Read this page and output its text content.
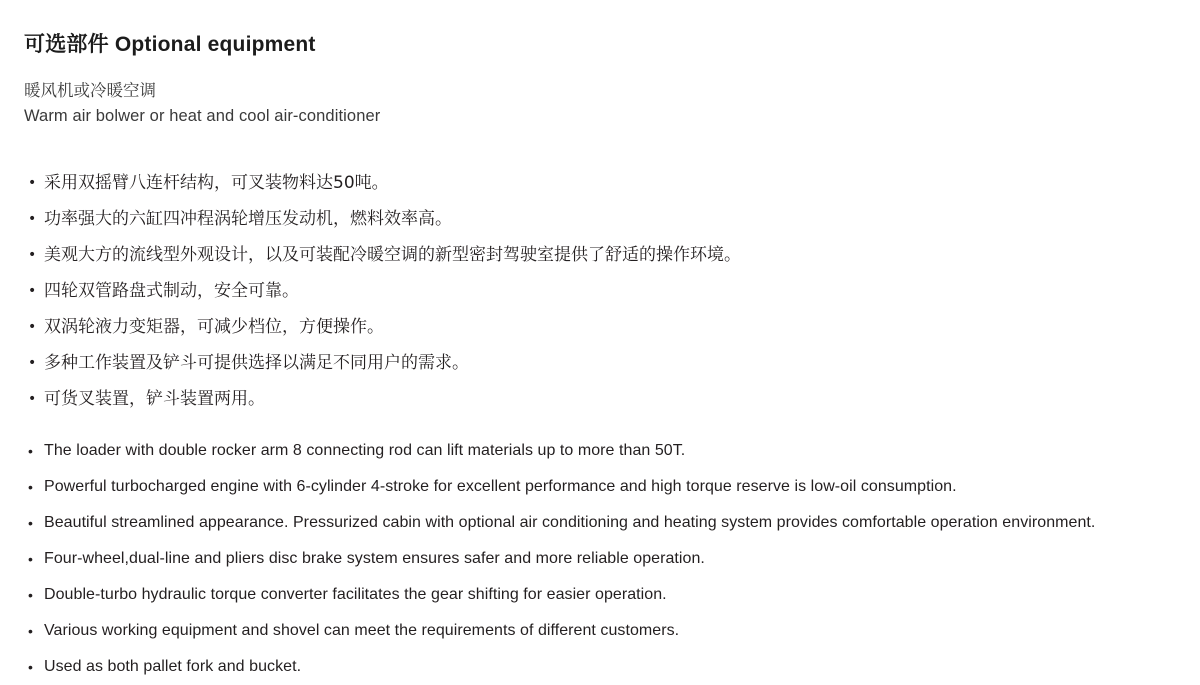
可选部件 Optional equipment

暖风机或冷暖空调
Warm air bolwer or heat and cool air-conditioner

• 采用双摇臂八连杆结构，可叉装物料达50吨。
• 功率强大的六缸四冲程涡轮增压发动机，燃料效率高。
• 美观大方的流线型外观设计，以及可装配冷暖空调的新型密封驾驶室提供了舒适的操作环境。
• 四轮双管路盘式制动，安全可靠。
• 双涡轮液力变矩器，可减少档位，方便操作。
• 多种工作装置及铲斗可提供选择以满足不同用户的需求。
• 可货叉装置，铲斗装置两用。
• The loader with double rocker arm 8 connecting rod can lift materials up to more than 50T.
• Powerful turbocharged engine with 6-cylinder 4-stroke for excellent performance and high torque reserve is low-oil consumption.
• Beautiful streamlined appearance. Pressurized cabin with optional air conditioning and heating system provides comfortable operation environment.
• Four-wheel,dual-line and pliers disc brake system ensures safer and more reliable operation.
• Double-turbo hydraulic torque converter facilitates the gear shifting for easier operation.
• Various working equipment and shovel can meet the requirements of different customers.
• Used as both pallet fork and bucket.
